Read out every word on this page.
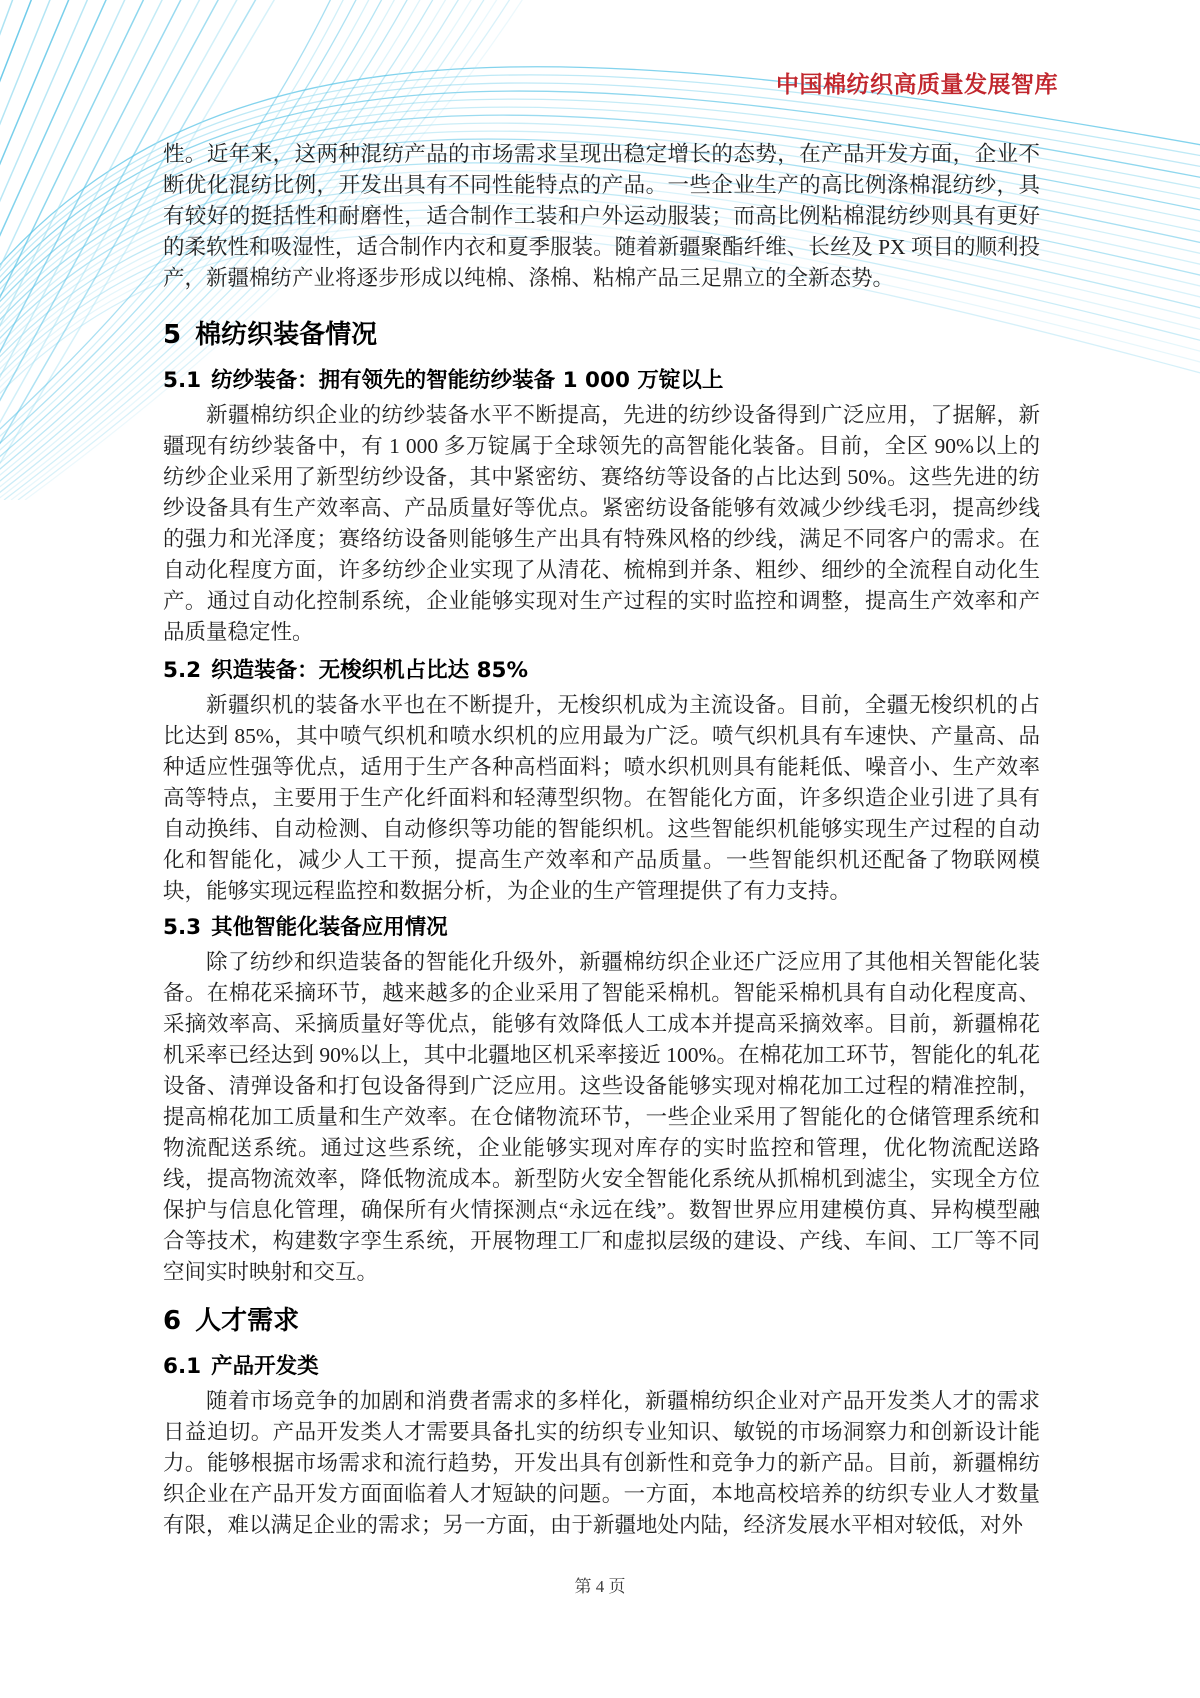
中国棉纺织高质量发展智库

性。近年来，这两种混纺产品的市场需求呈现出稳定增长的态势，在产品开发方面，企业不断优化混纺比例，开发出具有不同性能特点的产品。一些企业生产的高比例涤棉混纺纱，具有较好的挺括性和耐磨性，适合制作工装和户外运动服装；而高比例粘棉混纺纱则具有更好的柔软性和吸湿性，适合制作内衣和夏季服装。随着新疆聚酯纤维、长丝及 PX 项目的顺利投产，新疆棉纺产业将逐步形成以纯棉、涤棉、粘棉产品三足鼎立的全新态势。

5 棉纺织装备情况
5.1 纺纱装备：拥有领先的智能纺纱装备 1 000 万锭以上

新疆棉纺织企业的纺纱装备水平不断提高，先进的纺纱设备得到广泛应用，了据解，新疆现有纺纱装备中，有 1 000 多万锭属于全球领先的高智能化装备。目前，全区 90%以上的纺纱企业采用了新型纺纱设备，其中紧密纺、赛络纺等设备的占比达到 50%。这些先进的纺纱设备具有生产效率高、产品质量好等优点。紧密纺设备能够有效减少纱线毛羽，提高纱线的强力和光泽度；赛络纺设备则能够生产出具有特殊风格的纱线，满足不同客户的需求。在自动化程度方面，许多纺纱企业实现了从清花、梳棉到并条、粗纱、细纱的全流程自动化生产。通过自动化控制系统，企业能够实现对生产过程的实时监控和调整，提高生产效率和产品质量稳定性。

5.2 织造装备：无梭织机占比达 85%

新疆织机的装备水平也在不断提升，无梭织机成为主流设备。目前，全疆无梭织机的占比达到 85%，其中喷气织机和喷水织机的应用最为广泛。喷气织机具有车速快、产量高、品种适应性强等优点，适用于生产各种高档面料；喷水织机则具有能耗低、噪音小、生产效率高等特点，主要用于生产化纤面料和轻薄型织物。在智能化方面，许多织造企业引进了具有自动换纬、自动检测、自动修织等功能的智能织机。这些智能织机能够实现生产过程的自动化和智能化，减少人工干预，提高生产效率和产品质量。一些智能织机还配备了物联网模块，能够实现远程监控和数据分析，为企业的生产管理提供了有力支持。

5.3 其他智能化装备应用情况

除了纺纱和织造装备的智能化升级外，新疆棉纺织企业还广泛应用了其他相关智能化装备。在棉花采摘环节，越来越多的企业采用了智能采棉机。智能采棉机具有自动化程度高、采摘效率高、采摘质量好等优点，能够有效降低人工成本并提高采摘效率。目前，新疆棉花机采率已经达到 90%以上，其中北疆地区机采率接近 100%。在棉花加工环节，智能化的轧花设备、清弹设备和打包设备得到广泛应用。这些设备能够实现对棉花加工过程的精准控制，提高棉花加工质量和生产效率。在仓储物流环节，一些企业采用了智能化的仓储管理系统和物流配送系统。通过这些系统，企业能够实现对库存的实时监控和管理，优化物流配送路线，提高物流效率，降低物流成本。新型防火安全智能化系统从抓棉机到滤尘，实现全方位保护与信息化管理，确保所有火情探测点“永远在线”。数智世界应用建模仿真、异构模型融合等技术，构建数字孪生系统，开展物理工厂和虚拟层级的建设、产线、车间、工厂等不同空间实时映射和交互。

6 人才需求
6.1 产品开发类

随着市场竞争的加剧和消费者需求的多样化，新疆棉纺织企业对产品开发类人才的需求日益迫切。产品开发类人才需要具备扎实的纺织专业知识、敏锐的市场洞察力和创新设计能力。能够根据市场需求和流行趋势，开发出具有创新性和竞争力的新产品。目前，新疆棉纺织企业在产品开发方面面临着人才短缺的问题。一方面，本地高校培养的纺织专业人才数量有限，难以满足企业的需求；另一方面，由于新疆地处内陆，经济发展水平相对较低，对外

第 4 页
